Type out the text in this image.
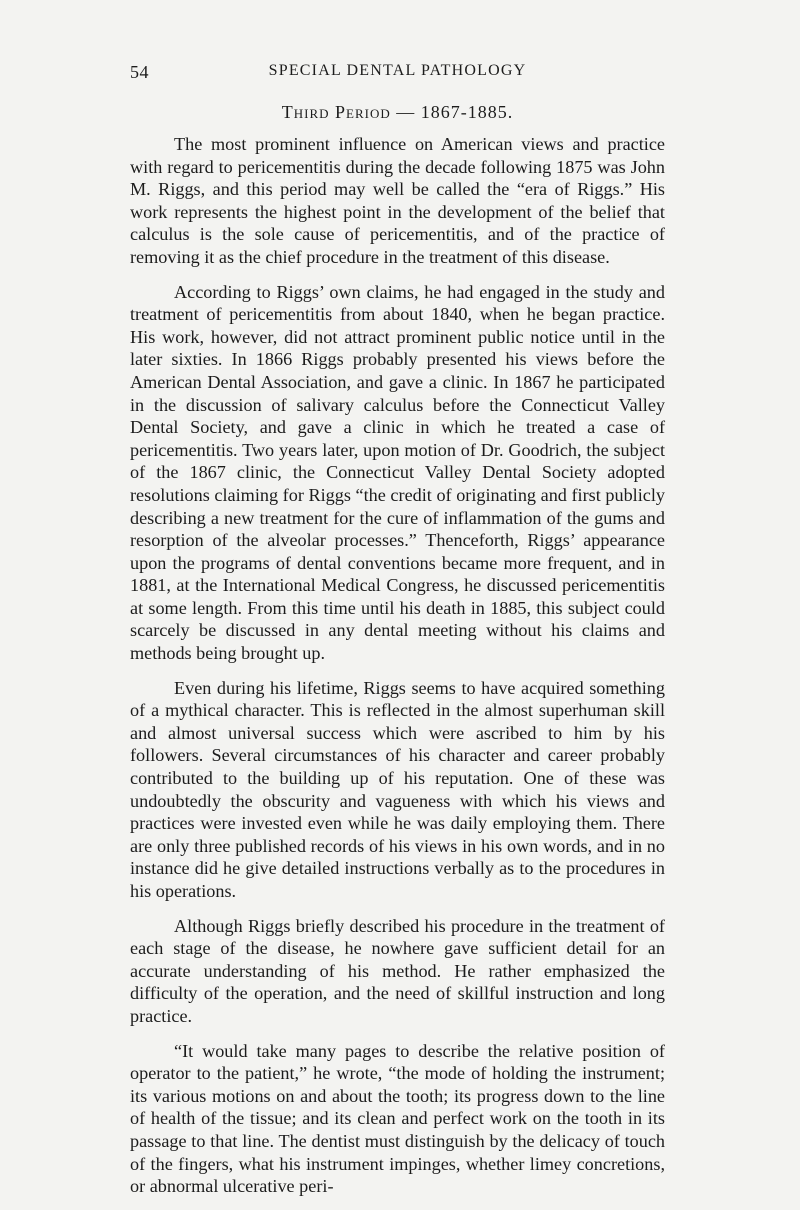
54	SPECIAL DENTAL PATHOLOGY
Third Period — 1867-1885.

The most prominent influence on American views and practice with regard to pericementitis during the decade following 1875 was John M. Riggs, and this period may well be called the “era of Riggs.” His work represents the highest point in the development of the belief that calculus is the sole cause of pericementitis, and of the practice of removing it as the chief procedure in the treatment of this disease.

According to Riggs’ own claims, he had engaged in the study and treatment of pericementitis from about 1840, when he began practice. His work, however, did not attract prominent public notice until in the later sixties. In 1866 Riggs probably presented his views before the American Dental Association, and gave a clinic. In 1867 he participated in the discussion of salivary calculus before the Connecticut Valley Dental Society, and gave a clinic in which he treated a case of pericementitis. Two years later, upon motion of Dr. Goodrich, the subject of the 1867 clinic, the Connecticut Valley Dental Society adopted resolutions claiming for Riggs “the credit of originating and first publicly describing a new treatment for the cure of inflammation of the gums and resorption of the alveolar processes.” Thenceforth, Riggs’ appearance upon the programs of dental conventions became more frequent, and in 1881, at the International Medical Congress, he discussed pericementitis at some length. From this time until his death in 1885, this subject could scarcely be discussed in any dental meeting without his claims and methods being brought up.

Even during his lifetime, Riggs seems to have acquired something of a mythical character. This is reflected in the almost superhuman skill and almost universal success which were ascribed to him by his followers. Several circumstances of his character and career probably contributed to the building up of his reputation. One of these was undoubtedly the obscurity and vagueness with which his views and practices were invested even while he was daily employing them. There are only three published records of his views in his own words, and in no instance did he give detailed instructions verbally as to the procedures in his operations.

Although Riggs briefly described his procedure in the treatment of each stage of the disease, he nowhere gave sufficient detail for an accurate understanding of his method. He rather emphasized the difficulty of the operation, and the need of skillful instruction and long practice.

“It would take many pages to describe the relative position of operator to the patient,” he wrote, “the mode of holding the instrument; its various motions on and about the tooth; its progress down to the line of health of the tissue; and its clean and perfect work on the tooth in its passage to that line. The dentist must distinguish by the delicacy of touch of the fingers, what his instrument impinges, whether limey concretions, or abnormal ulcerative peri-
